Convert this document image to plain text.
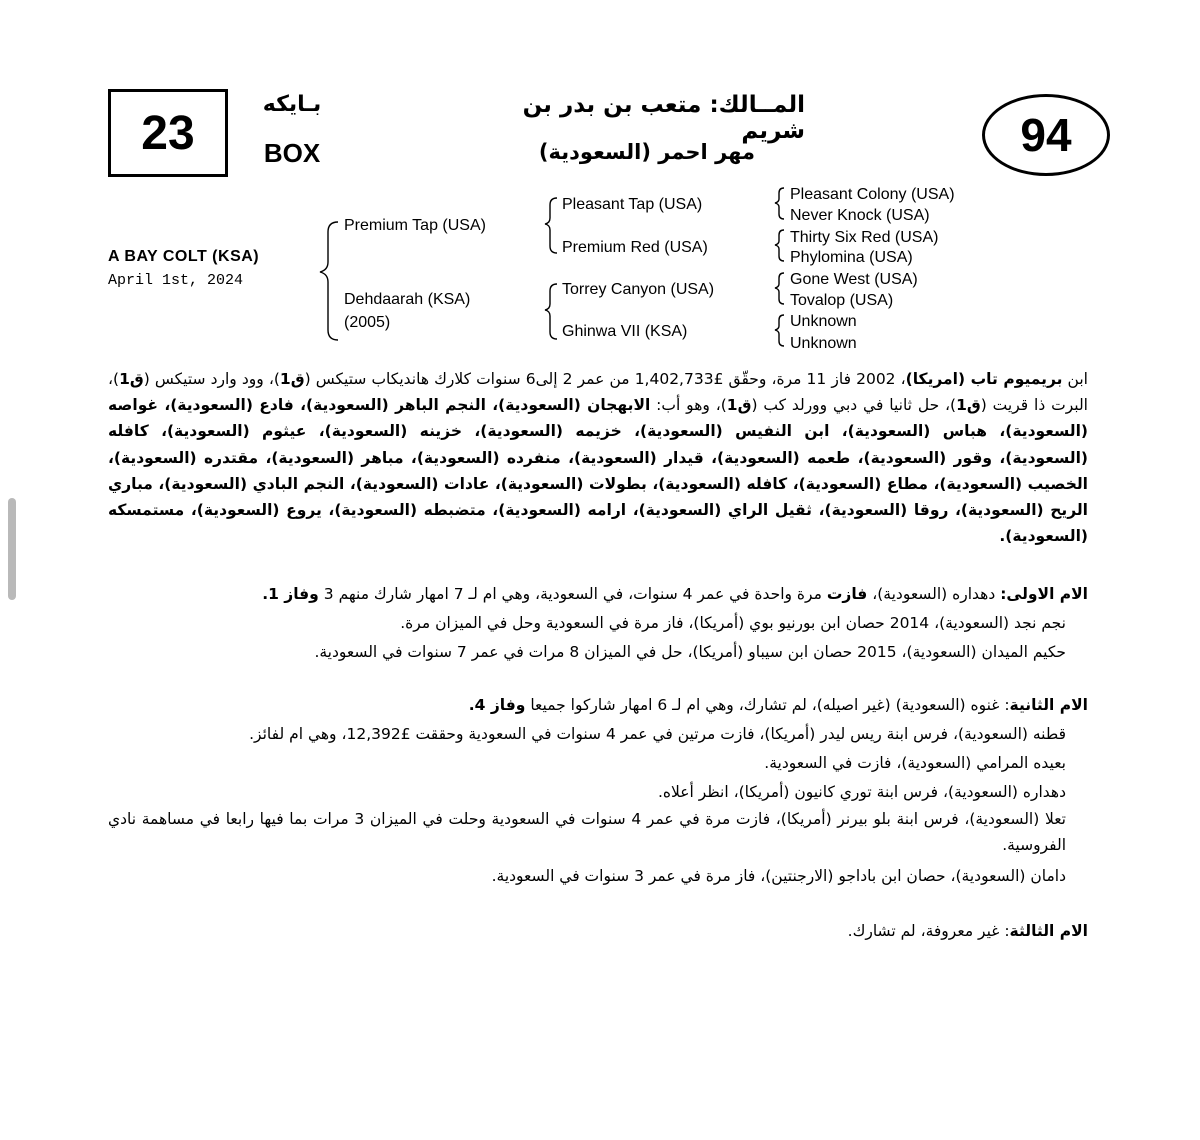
23
بـايكه
BOX
المــالك: متعب بن بدر بن شريم
مهر احمر (السعودية)	94
A BAY COLT (KSA)
April 1st, 2024
Premium Tap (USA)
Dehdaarah (KSA)
(2005)
Pleasant Tap (USA)
Premium Red (USA)
Torrey Canyon (USA)
Ghinwa VII (KSA)
Pleasant Colony (USA)
Never Knock (USA)
Thirty Six Red (USA)
Phylomina (USA)
Gone West (USA)
Tovalop (USA)
Unknown
Unknown
ابن بريميوم تاب (امريكا)، 2002 فاز 11 مرة، وحقّق £1,402,733 من عمر 2 إلى6 سنوات كلارك هانديكاب ستيكس (ق1)، وود وارد ستيكس (ق1)، البرت ذا قريت (ق1)، حل ثانيا في دبي وورلد كب (ق1)، وهو أب: الابهجان (السعودية)، النجم الباهر (السعودية)، فادع (السعودية)، غواصه (السعودية)، هباس (السعودية)، ابن النفيس (السعودية)، خزيمه (السعودية)، خزينه (السعودية)، عيثوم (السعودية)، كافله (السعودية)، وقور (السعودية)، طعمه (السعودية)، قيدار (السعودية)، منفرده (السعودية)، مباهر (السعودية)، مقتدره (السعودية)، الخصيب (السعودية)، مطاع (السعودية)، كافله (السعودية)، بطولات (السعودية)، عادات (السعودية)، النجم البادي (السعودية)، مباري الريح (السعودية)، روقا (السعودية)، ثقيل الراي (السعودية)، ارامه (السعودية)، متضبطه (السعودية)، يروع (السعودية)، مستمسكه (السعودية).
الام الاولى: دهداره (السعودية)، فازت مرة واحدة في عمر 4 سنوات، في السعودية، وهي ام لـ 7 امهار شارك منهم 3 وفاز 1.
نجم نجد (السعودية)، 2014 حصان ابن بورنيو بوي (أمريكا)، فاز مرة في السعودية وحل في الميزان مرة.
حكيم الميدان (السعودية)، 2015 حصان ابن سيباو (أمريكا)، حل في الميزان 8 مرات في عمر 7 سنوات في السعودية.
الام الثانية: غنوه (السعودية) (غير اصيله)، لم تشارك، وهي ام لـ 6 امهار شاركوا جميعا وفاز 4.
قطنه (السعودية)، فرس ابنة ريس ليدر (أمريكا)، فازت مرتين في عمر 4 سنوات في السعودية وحققت £12,392، وهي ام لفائز.
بعيده المرامي (السعودية)، فازت في السعودية.
دهداره (السعودية)، فرس ابنة توري كانيون (أمريكا)، انظر أعلاه.
تعلا (السعودية)، فرس ابنة بلو بيرنر (أمريكا)، فازت مرة في عمر 4 سنوات في السعودية وحلت في الميزان 3 مرات بما فيها رابعا في مساهمة نادي الفروسية.
دامان (السعودية)، حصان ابن باداجو (الارجنتين)، فاز مرة في عمر 3 سنوات في السعودية.
الام الثالثة: غير معروفة، لم تشارك.
